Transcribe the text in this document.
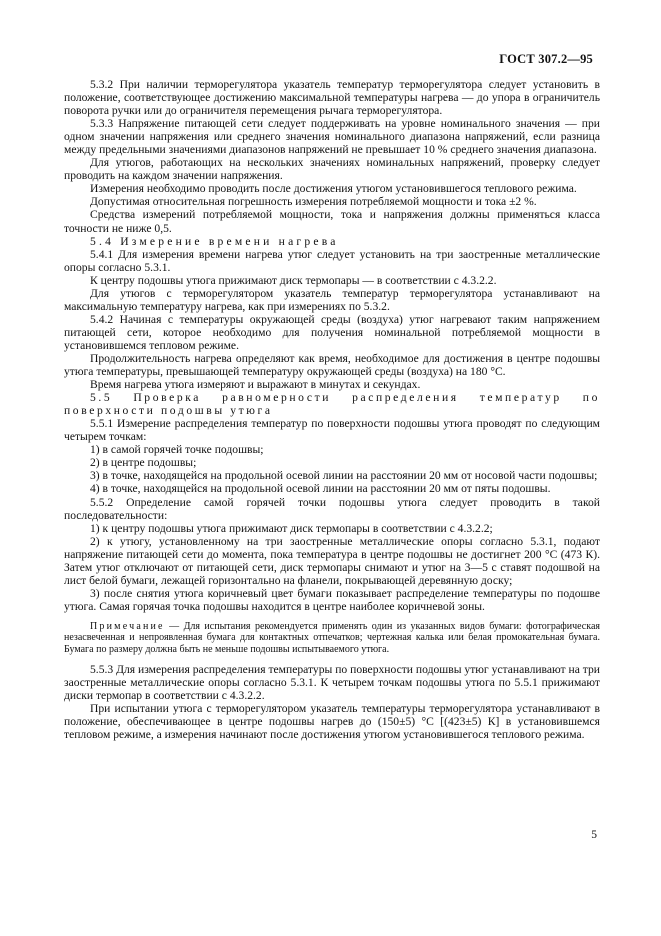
ГОСТ 307.2—95

5.3.2 При наличии терморегулятора указатель температур терморегулятора следует установить в положение, соответствующее достижению максимальной температуры нагрева — до упора в ограничитель поворота ручки или до ограничителя перемещения рычага терморегулятора.

5.3.3 Напряжение питающей сети следует поддерживать на уровне номинального значения — при одном значении напряжения или среднего значения номинального диапазона напряжений, если разница между предельными значениями диапазонов напряжений не превышает 10 % среднего значения диапазона.

Для утюгов, работающих на нескольких значениях номинальных напряжений, проверку следует проводить на каждом значении напряжения.

Измерения необходимо проводить после достижения утюгом установившегося теплового режима.

Допустимая относительная погрешность измерения потребляемой мощности и тока ±2 %.

Средства измерений потребляемой мощности, тока и напряжения должны применяться класса точности не ниже 0,5.

5.4 Измерение времени нагрева

5.4.1 Для измерения времени нагрева утюг следует установить на три заостренные металлические опоры согласно 5.3.1.

К центру подошвы утюга прижимают диск термопары — в соответствии с 4.3.2.2.

Для утюгов с терморегулятором указатель температур терморегулятора устанавливают на максимальную температуру нагрева, как при измерениях по 5.3.2.

5.4.2 Начиная с температуры окружающей среды (воздуха) утюг нагревают таким напряжением питающей сети, которое необходимо для получения номинальной потребляемой мощности в установившемся тепловом режиме.

Продолжительность нагрева определяют как время, необходимое для достижения в центре подошвы утюга температуры, превышающей температуру окружающей среды (воздуха) на 180 °С.

Время нагрева утюга измеряют и выражают в минутах и секундах.

5.5 Проверка равномерности распределения температур по поверхности подошвы утюга

5.5.1 Измерение распределения температур по поверхности подошвы утюга проводят по следующим четырем точкам:

1) в самой горячей точке подошвы;

2) в центре подошвы;

3) в точке, находящейся на продольной осевой линии на расстоянии 20 мм от носовой части подошвы;

4) в точке, находящейся на продольной осевой линии на расстоянии 20 мм от пяты подошвы.

5.5.2 Определение самой горячей точки подошвы утюга следует проводить в такой последовательности:

1) к центру подошвы утюга прижимают диск термопары в соответствии с 4.3.2.2;

2) к утюгу, установленному на три заостренные металлические опоры согласно 5.3.1, подают напряжение питающей сети до момента, пока температура в центре подошвы не достигнет 200 °С (473 К). Затем утюг отключают от питающей сети, диск термопары снимают и утюг на 3—5 с ставят подошвой на лист белой бумаги, лежащей горизонтально на фланели, покрывающей деревянную доску;

3) после снятия утюга коричневый цвет бумаги показывает распределение температуры по подошве утюга. Самая горячая точка подошвы находится в центре наиболее коричневой зоны.

Примечание — Для испытания рекомендуется применять один из указанных видов бумаги: фотографическая незасвеченная и непроявленная бумага для контактных отпечатков; чертежная калька или белая промокательная бумага. Бумага по размеру должна быть не меньше подошвы испытываемого утюга.

5.5.3 Для измерения распределения температуры по поверхности подошвы утюг устанавливают на три заостренные металлические опоры согласно 5.3.1. К четырем точкам подошвы утюга по 5.5.1 прижимают диски термопар в соответствии с 4.3.2.2.

При испытании утюга с терморегулятором указатель температуры терморегулятора устанавливают в положение, обеспечивающее в центре подошвы нагрев до (150±5) °С [(423±5) К] в установившемся тепловом режиме, а измерения начинают после достижения утюгом установившегося теплового режима.

5
